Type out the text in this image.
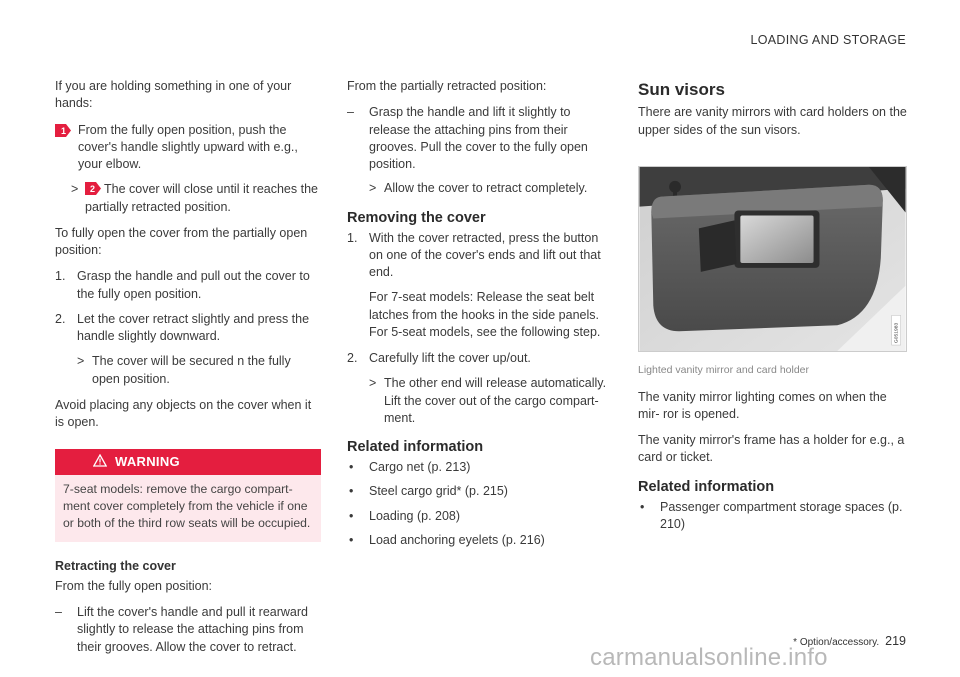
LOADING AND STORAGE

If you are holding something in one of your hands:

1 From the fully open position, push the cover's handle slightly upward with e.g., your elbow.
> 2 The cover will close until it reaches the partially retracted position.

To fully open the cover from the partially open position:

1. Grasp the handle and pull out the cover to the fully open position.
2. Let the cover retract slightly and press the handle slightly downward.
> The cover will be secured n the fully open position.

Avoid placing any objects on the cover when it is open.

WARNING
7-seat models: remove the cargo compart- ment cover completely from the vehicle if one or both of the third row seats will be occupied.
Retracting the cover

From the fully open position:

– Lift the cover's handle and pull it rearward slightly to release the attaching pins from their grooves. Allow the cover to retract.

From the partially retracted position:

– Grasp the handle and lift it slightly to release the attaching pins from their grooves. Pull the cover to the fully open position.
> Allow the cover to retract completely.
Removing the cover
1. With the cover retracted, press the button on one of the cover's ends and lift out that end.

For 7-seat models: Release the seat belt latches from the hooks in the side panels. For 5-seat models, see the following step.

2. Carefully lift the cover up/out.
> The other end will release automatically. Lift the cover out of the cargo compart- ment.
Related information
• Cargo net (p. 213)
• Steel cargo grid* (p. 215)
• Loading (p. 208)
• Load anchoring eyelets (p. 216)
Sun visors

There are vanity mirrors with card holders on the upper sides of the sun visors.

G051983
Lighted vanity mirror and card holder

The vanity mirror lighting comes on when the mir- ror is opened.

The vanity mirror's frame has a holder for e.g., a card or ticket.

Related information
• Passenger compartment storage spaces (p. 210)
* Option/accessory. 219
carmanualsonline.info
